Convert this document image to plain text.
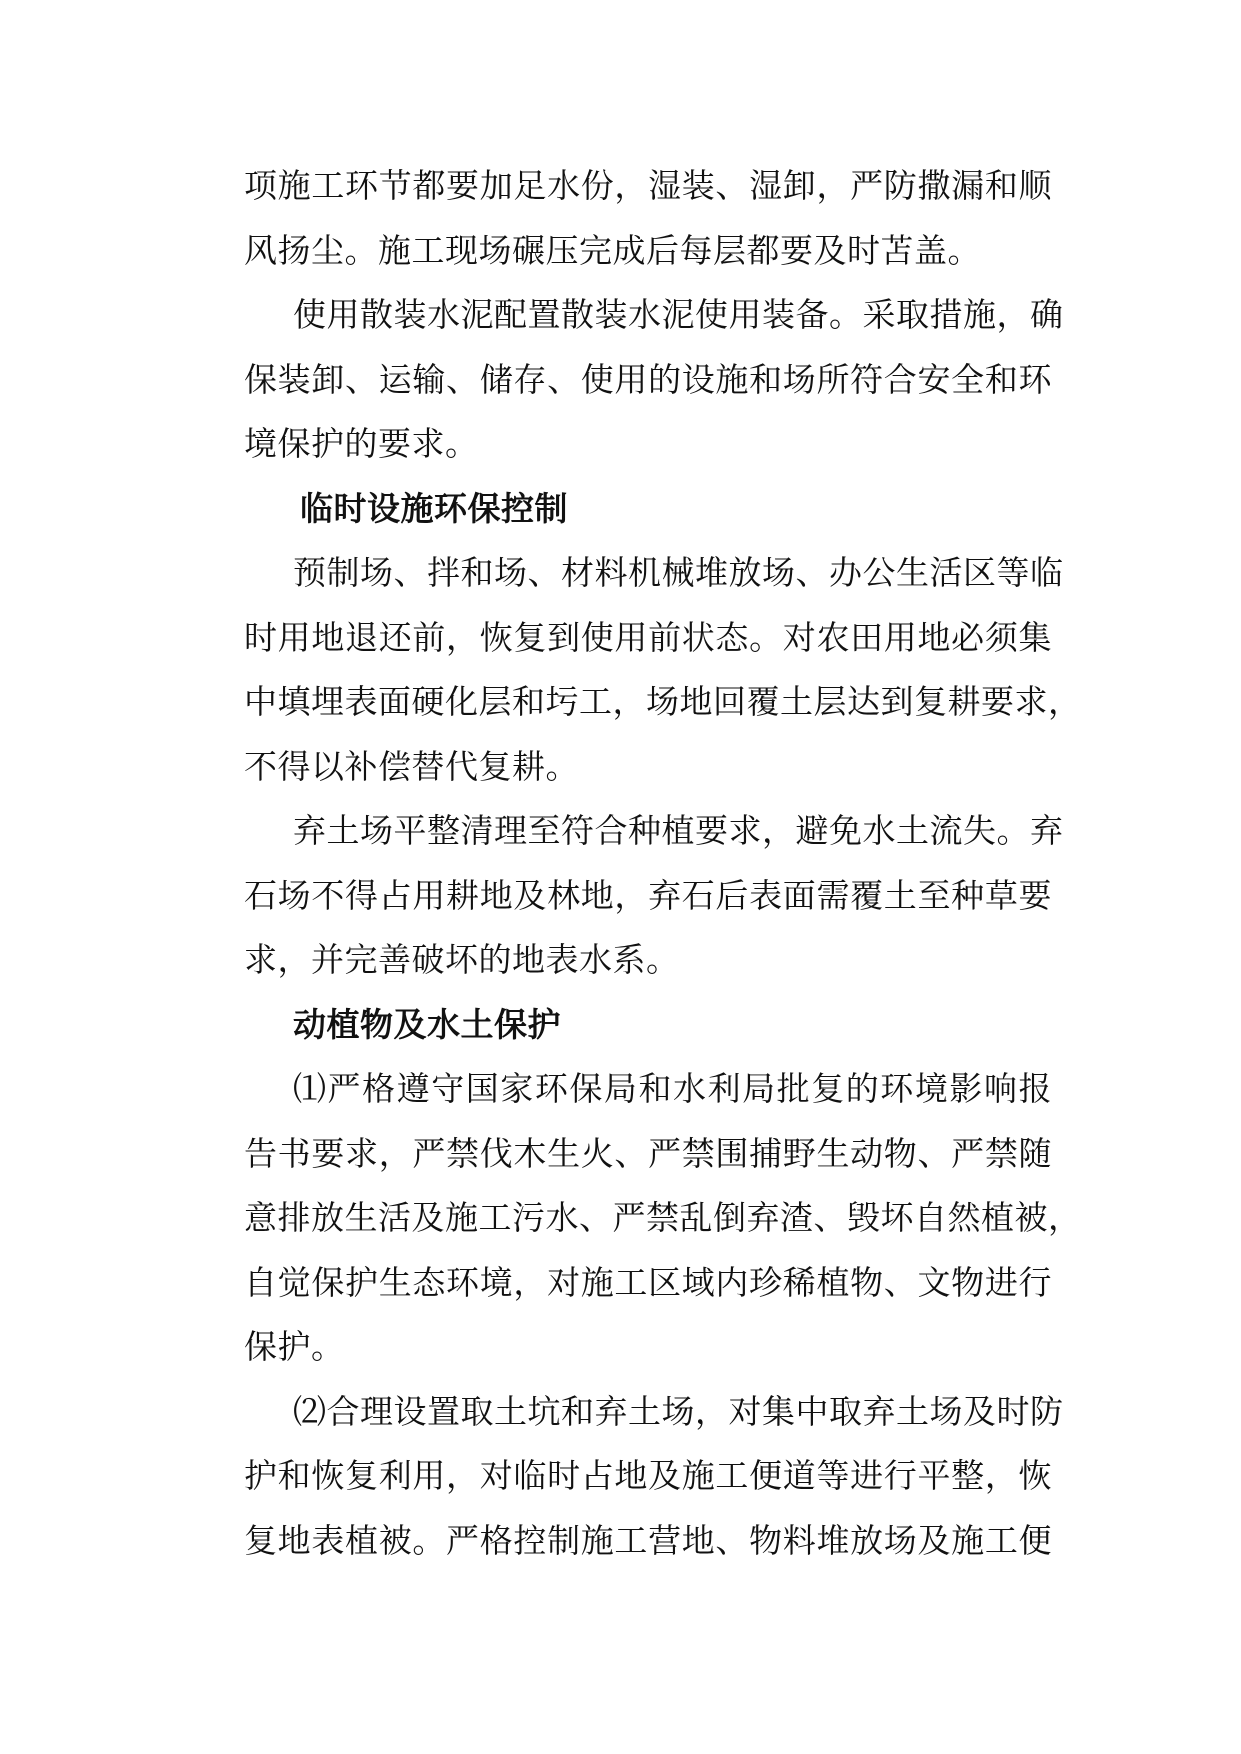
项施工环节都要加足水份，湿装、湿卸，严防撒漏和顺
风扬尘。施工现场碾压完成后每层都要及时苫盖。
使用散装水泥配置散装水泥使用装备。采取措施，确
保装卸、运输、储存、使用的设施和场所符合安全和环
境保护的要求。
临时设施环保控制
预制场、拌和场、材料机械堆放场、办公生活区等临
时用地退还前，恢复到使用前状态。对农田用地必须集
中填埋表面硬化层和圬工，场地回覆土层达到复耕要求，
不得以补偿替代复耕。
弃土场平整清理至符合种植要求，避免水土流失。弃
石场不得占用耕地及林地，弃石后表面需覆土至种草要
求，并完善破坏的地表水系。
动植物及水土保护
⑴严格遵守国家环保局和水利局批复的环境影响报
告书要求，严禁伐木生火、严禁围捕野生动物、严禁随
意排放生活及施工污水、严禁乱倒弃渣、毁坏自然植被，
自觉保护生态环境，对施工区域内珍稀植物、文物进行
保护。
⑵合理设置取土坑和弃土场，对集中取弃土场及时防
护和恢复利用，对临时占地及施工便道等进行平整，恢
复地表植被。严格控制施工营地、物料堆放场及施工便
